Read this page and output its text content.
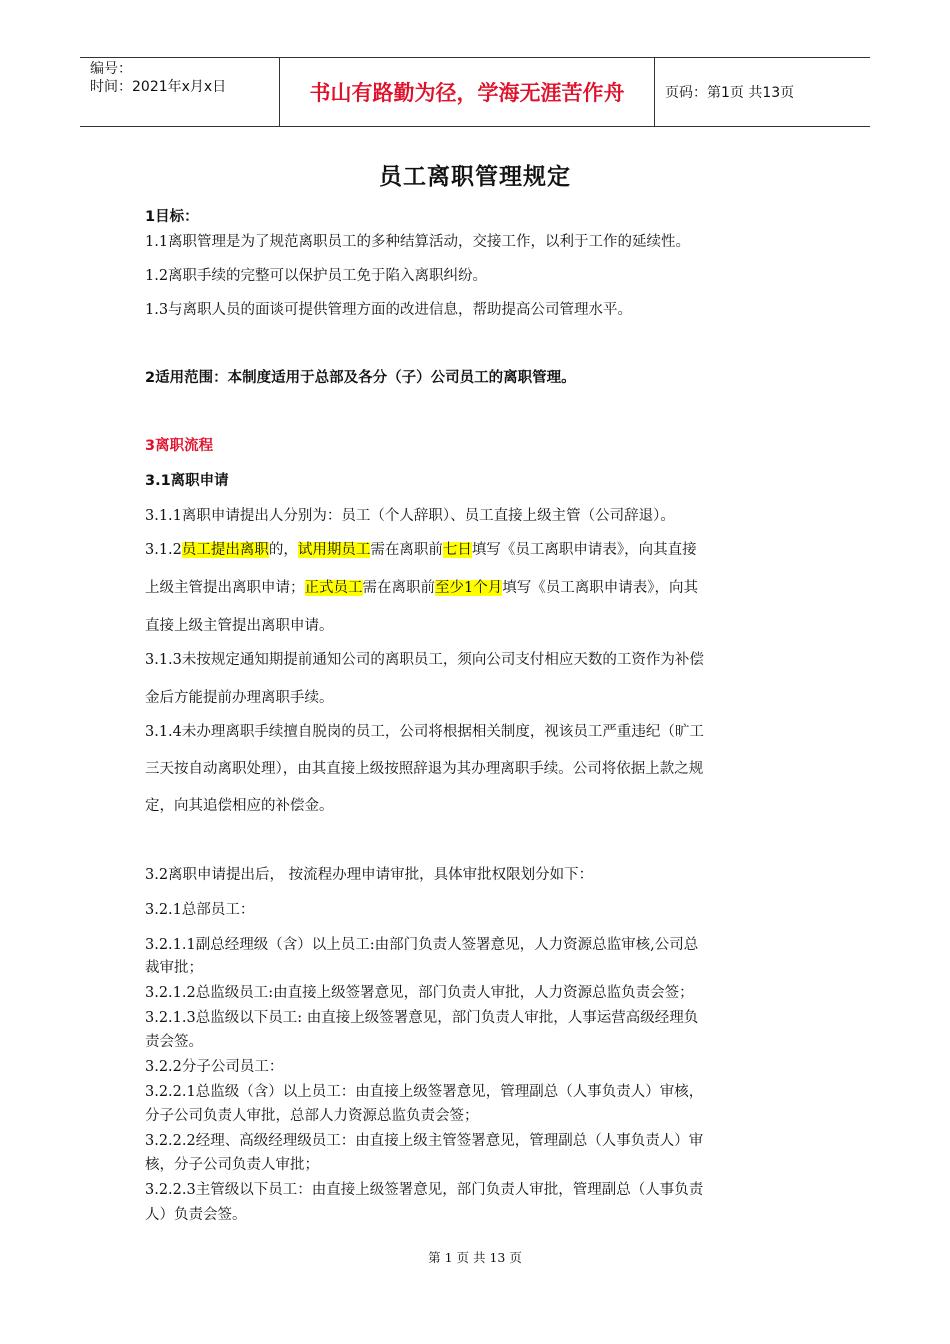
编号：
时间：2021年x月x日	书山有路勤为径，学海无涯苦作舟	页码：第1页 共13页
员工离职管理规定
1目标：
1.1离职管理是为了规范离职员工的多种结算活动，交接工作，以利于工作的延续性。
1.2离职手续的完整可以保护员工免于陷入离职纠纷。
1.3与离职人员的面谈可提供管理方面的改进信息，帮助提高公司管理水平。
2适用范围：本制度适用于总部及各分（子）公司员工的离职管理。
3离职流程
3.1离职申请
3.1.1离职申请提出人分别为：员工（个人辞职）、员工直接上级主管（公司辞退）。
3.1.2员工提出离职的，试用期员工需在离职前七日填写《员工离职申请表》，向其直接
上级主管提出离职申请；正式员工需在离职前至少1个月填写《员工离职申请表》，向其
直接上级主管提出离职申请。
3.1.3未按规定通知期提前通知公司的离职员工，须向公司支付相应天数的工资作为补偿
金后方能提前办理离职手续。
3.1.4未办理离职手续擅自脱岗的员工，公司将根据相关制度，视该员工严重违纪（旷工
三天按自动离职处理），由其直接上级按照辞退为其办理离职手续。公司将依据上款之规
定，向其追偿相应的补偿金。
3.2离职申请提出后， 按流程办理申请审批，具体审批权限划分如下：
3.2.1总部员工：
3.2.1.1副总经理级（含）以上员工:由部门负责人签署意见，人力资源总监审核,公司总
裁审批；
3.2.1.2总监级员工:由直接上级签署意见，部门负责人审批，人力资源总监负责会签；
3.2.1.3总监级以下员工: 由直接上级签署意见，部门负责人审批，人事运营高级经理负
责会签。
3.2.2分子公司员工：
3.2.2.1总监级（含）以上员工：由直接上级签署意见，管理副总（人事负责人）审核，
分子公司负责人审批，总部人力资源总监负责会签；
3.2.2.2经理、高级经理级员工：由直接上级主管签署意见，管理副总（人事负责人）审
核，分子公司负责人审批；
3.2.2.3主管级以下员工：由直接上级签署意见，部门负责人审批，管理副总（人事负责
人）负责会签。
第 1 页 共 13 页
